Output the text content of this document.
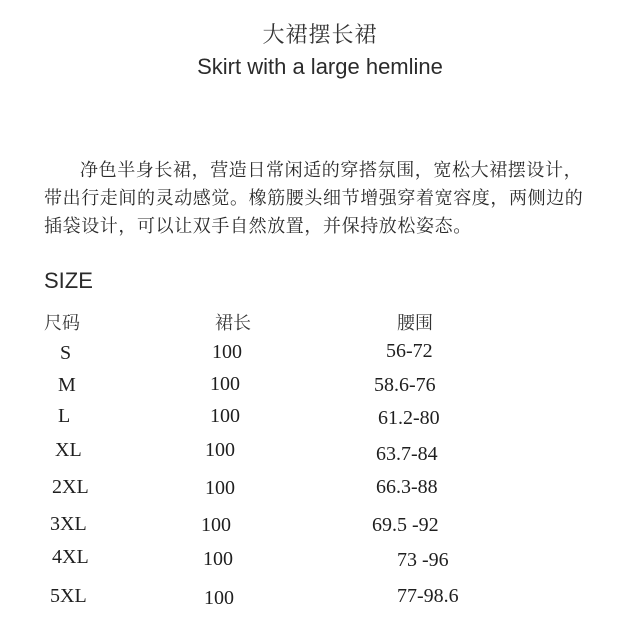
大裙摆长裙
Skirt with a large hemline

净色半身长裙，营造日常闲适的穿搭氛围，宽松大裙摆设计，带出行走间的灵动感觉。橡筋腰头细节增强穿着宽容度，两侧边的插袋设计，可以让双手自然放置，并保持放松姿态。

SIZE
尺码	裙长	腰围
S	100	56-72
M	100	58.6-76
L	100	61.2-80
XL	100	63.7-84
2XL	100	66.3-88
3XL	100	69.5 -92
4XL	100	73 -96
5XL	100	77-98.6
